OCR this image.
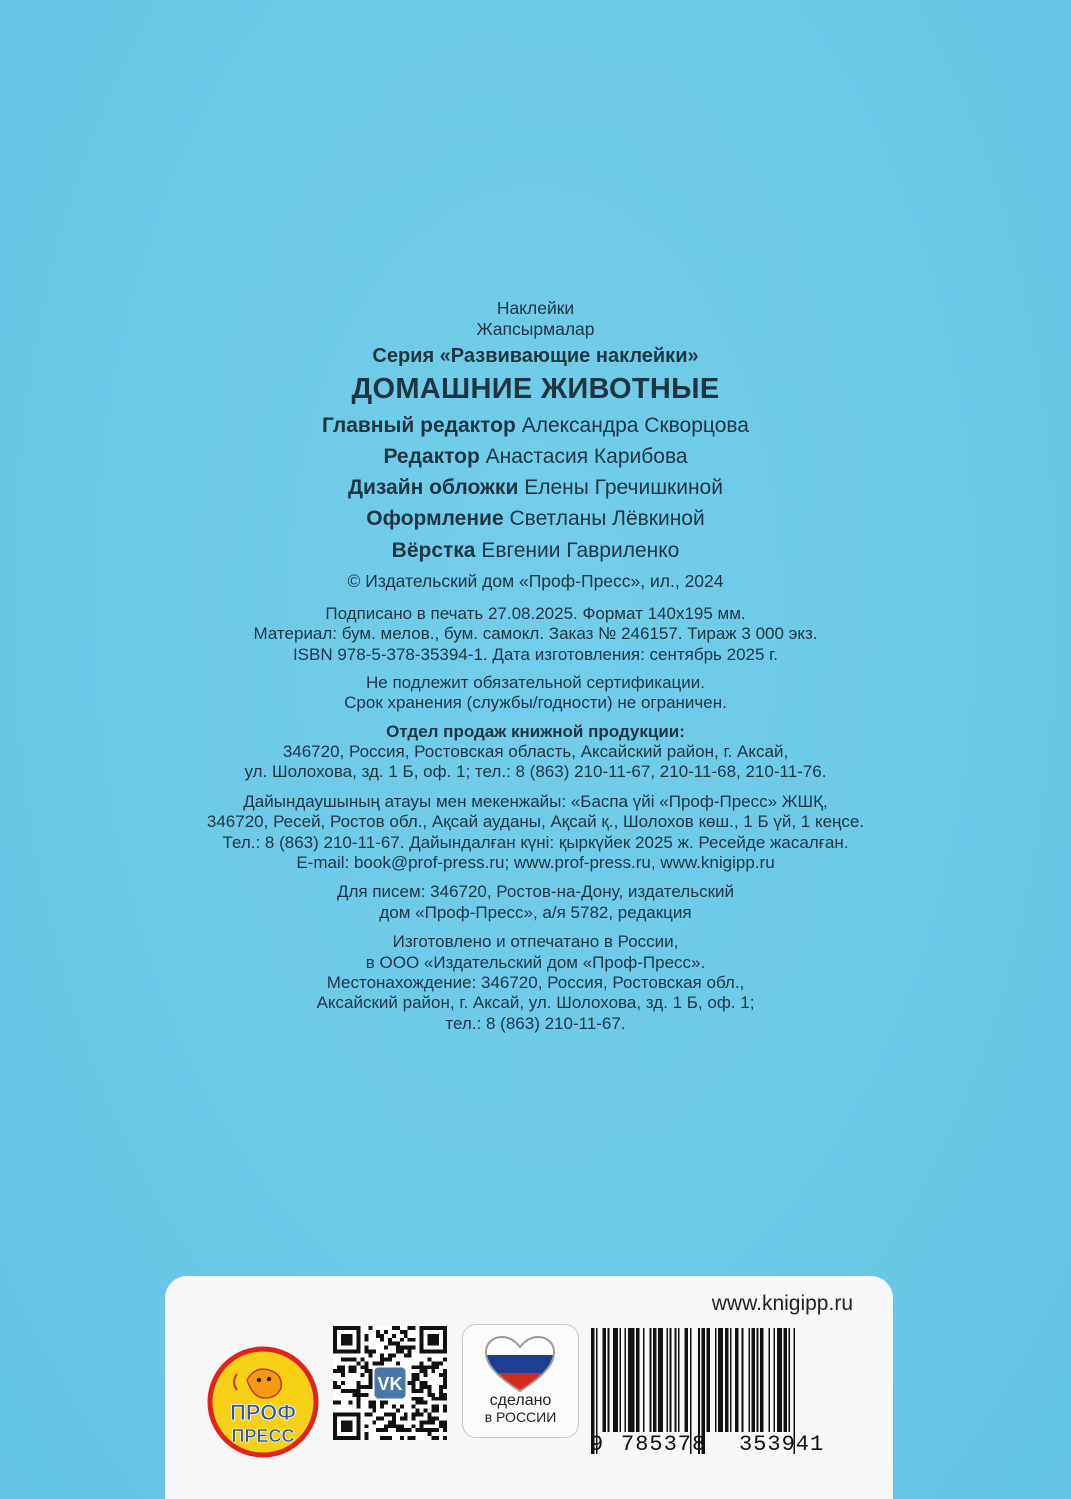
Наклейки
Жапсырмалар
Серия «Развивающие наклейки»
ДОМАШНИЕ ЖИВОТНЫЕ
Главный редактор Александра Скворцова
Редактор Анастасия Карибова
Дизайн обложки Елены Гречишкиной
Оформление Светланы Лёвкиной
Вёрстка Евгении Гавриленко
© Издательский дом «Проф-Пресс», ил., 2024
Подписано в печать 27.08.2025. Формат 140х195 мм.
Материал: бум. мелов., бум. самокл. Заказ № 246157. Тираж 3 000 экз.
ISBN 978-5-378-35394-1. Дата изготовления: сентябрь 2025 г.
Не подлежит обязательной сертификации.
Срок хранения (службы/годности) не ограничен.
Отдел продаж книжной продукции:
346720, Россия, Ростовская область, Аксайский район, г. Аксай,
ул. Шолохова, зд. 1 Б, оф. 1; тел.: 8 (863) 210-11-67, 210-11-68, 210-11-76.
Дайындаушының атауы мен мекенжайы: «Баспа үйі «Проф-Пресс» ЖШҚ,
346720, Ресей, Ростов обл., Ақсай ауданы, Ақсай қ., Шолохов көш., 1 Б үй, 1 кеңсе.
Тел.: 8 (863) 210-11-67. Дайындалған күні: қыркүйек 2025 ж. Ресейде жасалған.
E-mail: book@prof-press.ru; www.prof-press.ru, www.knigipp.ru
Для писем: 346720, Ростов-на-Дону, издательский
дом «Проф-Пресс», а/я 5782, редакция
Изготовлено и отпечатано в России,
в ООО «Издательский дом «Проф-Пресс».
Местонахождение: 346720, Россия, Ростовская обл.,
Аксайский район, г. Аксай, ул. Шолохова, зд. 1 Б, оф. 1;
тел.: 8 (863) 210-11-67.
www.knigipp.ru
ПРОФ
ПРЕСС
VK
сделано
в РОССИИ
9 785378 353941
